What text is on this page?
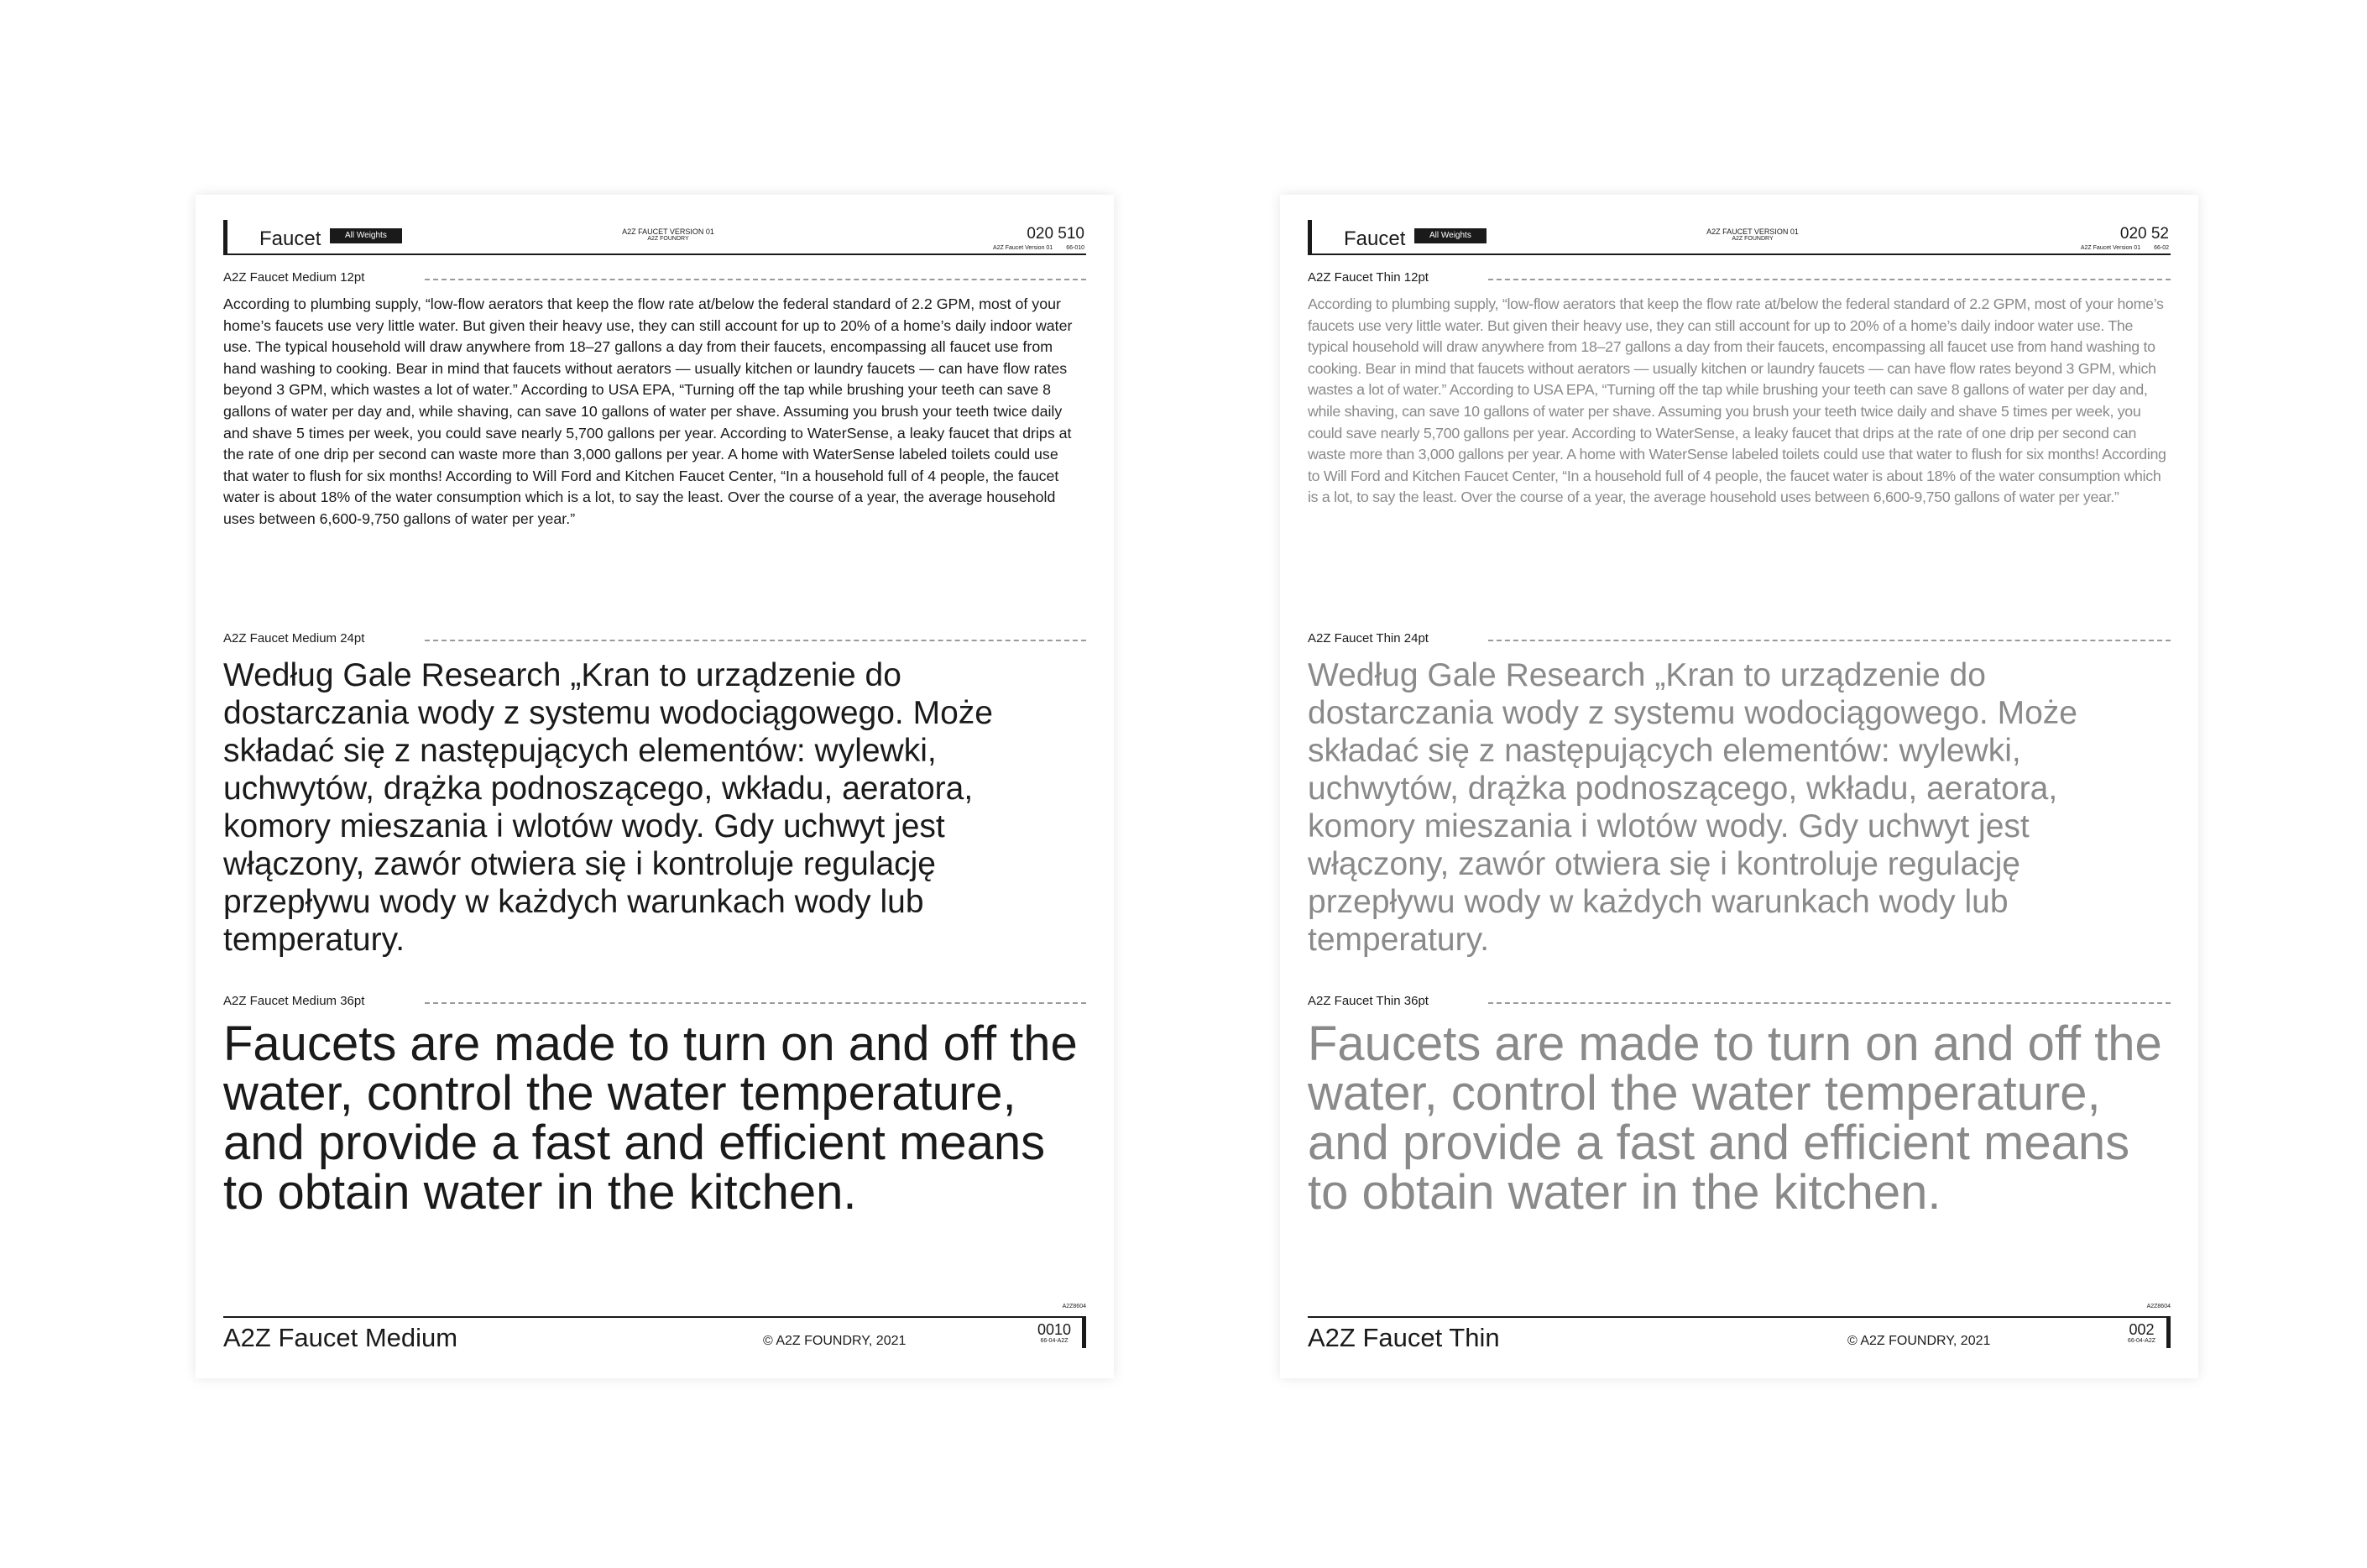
Faucet	All Weights	A2Z FAUCET VERSION 01
A2Z FOUNDRY	020 510
A2Z Faucet Version 01 66-010
A2Z Faucet Medium 12pt
According to plumbing supply, “low-flow aerators that keep the flow rate at/below the federal standard of 2.2 GPM, most of your home’s faucets use very little water. But given their heavy use, they can still account for up to 20% of a home’s daily indoor water use. The typical household will draw anywhere from 18–27 gallons a day from their faucets, encompassing all faucet use from hand washing to cooking. Bear in mind that faucets without aerators — usually kitchen or laundry faucets — can have flow rates beyond 3 GPM, which wastes a lot of water.” According to USA EPA, “Turning off the tap while brushing your teeth can save 8 gallons of water per day and, while shaving, can save 10 gallons of water per shave. Assuming you brush your teeth twice daily and shave 5 times per week, you could save nearly 5,700 gallons per year. According to WaterSense, a leaky faucet that drips at the rate of one drip per second can waste more than 3,000 gallons per year. A home with WaterSense labeled toilets could use that water to flush for six months! According to Will Ford and Kitchen Faucet Center, “In a household full of 4 people, the faucet water is about 18% of the water consumption which is a lot, to say the least. Over the course of a year, the average household uses between 6,600-9,750 gallons of water per year.”
A2Z Faucet Medium 24pt
Według Gale Research „Kran to urządzenie do dostarczania wody z systemu wodociągowego. Może składać się z następujących elementów: wylewki, uchwytów, drążka podnoszącego, wkładu, aeratora, komory mieszania i wlotów wody. Gdy uchwyt jest włączony, zawór otwiera się i kontroluje regulację przepływu wody w każdych warunkach wody lub temperatury.
A2Z Faucet Medium 36pt
Faucets are made to turn on and off the water, control the water temperature, and provide a fast and efficient means to obtain water in the kitchen.
A2Z Faucet Medium	© A2Z FOUNDRY, 2021
A2Z8604
0010
66-04-A2Z
Faucet	All Weights	A2Z FAUCET VERSION 01
A2Z FOUNDRY	020 52
A2Z Faucet Version 01 66-02
A2Z Faucet Thin 12pt
According to plumbing supply, “low-flow aerators that keep the flow rate at/below the federal standard of 2.2 GPM, most of your home’s faucets use very little water. But given their heavy use, they can still account for up to 20% of a home’s daily indoor water use. The typical household will draw anywhere from 18–27 gallons a day from their faucets, encompassing all faucet use from hand washing to cooking. Bear in mind that faucets without aerators — usually kitchen or laundry faucets — can have flow rates beyond 3 GPM, which wastes a lot of water.” According to USA EPA, “Turning off the tap while brushing your teeth can save 8 gallons of water per day and, while shaving, can save 10 gallons of water per shave. Assuming you brush your teeth twice daily and shave 5 times per week, you could save nearly 5,700 gallons per year. According to WaterSense, a leaky faucet that drips at the rate of one drip per second can waste more than 3,000 gallons per year. A home with WaterSense labeled toilets could use that water to flush for six months! According to Will Ford and Kitchen Faucet Center, “In a household full of 4 people, the faucet water is about 18% of the water consumption which is a lot, to say the least. Over the course of a year, the average household uses between 6,600-9,750 gallons of water per year.”
A2Z Faucet Thin 24pt
Według Gale Research „Kran to urządzenie do dostarczania wody z systemu wodociągowego. Może składać się z następujących elementów: wylewki, uchwytów, drążka podnoszącego, wkładu, aeratora, komory mieszania i wlotów wody. Gdy uchwyt jest włączony, zawór otwiera się i kontroluje regulację przepływu wody w każdych warunkach wody lub temperatury.
A2Z Faucet Thin 36pt
Faucets are made to turn on and off the water, control the water temperature, and provide a fast and efficient means to obtain water in the kitchen.
A2Z Faucet Thin	© A2Z FOUNDRY, 2021
A2Z8604
002
66-04-A2Z
